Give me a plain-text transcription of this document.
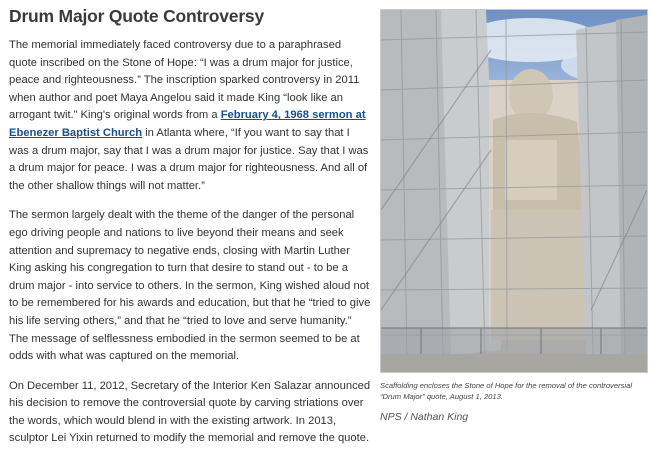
Drum Major Quote Controversy

The memorial immediately faced controversy due to a paraphrased quote inscribed on the Stone of Hope: “I was a drum major for justice, peace and righteousness.” The inscription sparked controversy in 2011 when author and poet Maya Angelou said it made King “look like an arrogant twit.” King's original words from a February 4, 1968 sermon at Ebenezer Baptist Church in Atlanta where, “If you want to say that I was a drum major, say that I was a drum major for justice. Say that I was a drum major for peace. I was a drum major for righteousness. And all of the other shallow things will not matter.”

The sermon largely dealt with the theme of the danger of the personal ego driving people and nations to live beyond their means and seek attention and supremacy to negative ends, closing with Martin Luther King asking his congregation to turn that desire to stand out - to be a drum major - into service to others. In the sermon, King wished aloud not to be remembered for his awards and education, but that he “tried to give his life serving others,” and that he “tried to love and serve humanity.” The message of selflessness embodied in the sermon seemed to be at odds with what was captured on the memorial.

On December 11, 2012, Secretary of the Interior Ken Salazar announced his decision to remove the controversial quote by carving striations over the words, which would blend in with the existing artwork. In 2013, sculptor Lei Yixin returned to modify the memorial and remove the quote.

Scaffolding encloses the Stone of Hope for the removal of the controversial “Drum Major” quote, August 1, 2013.
NPS / Nathan King
